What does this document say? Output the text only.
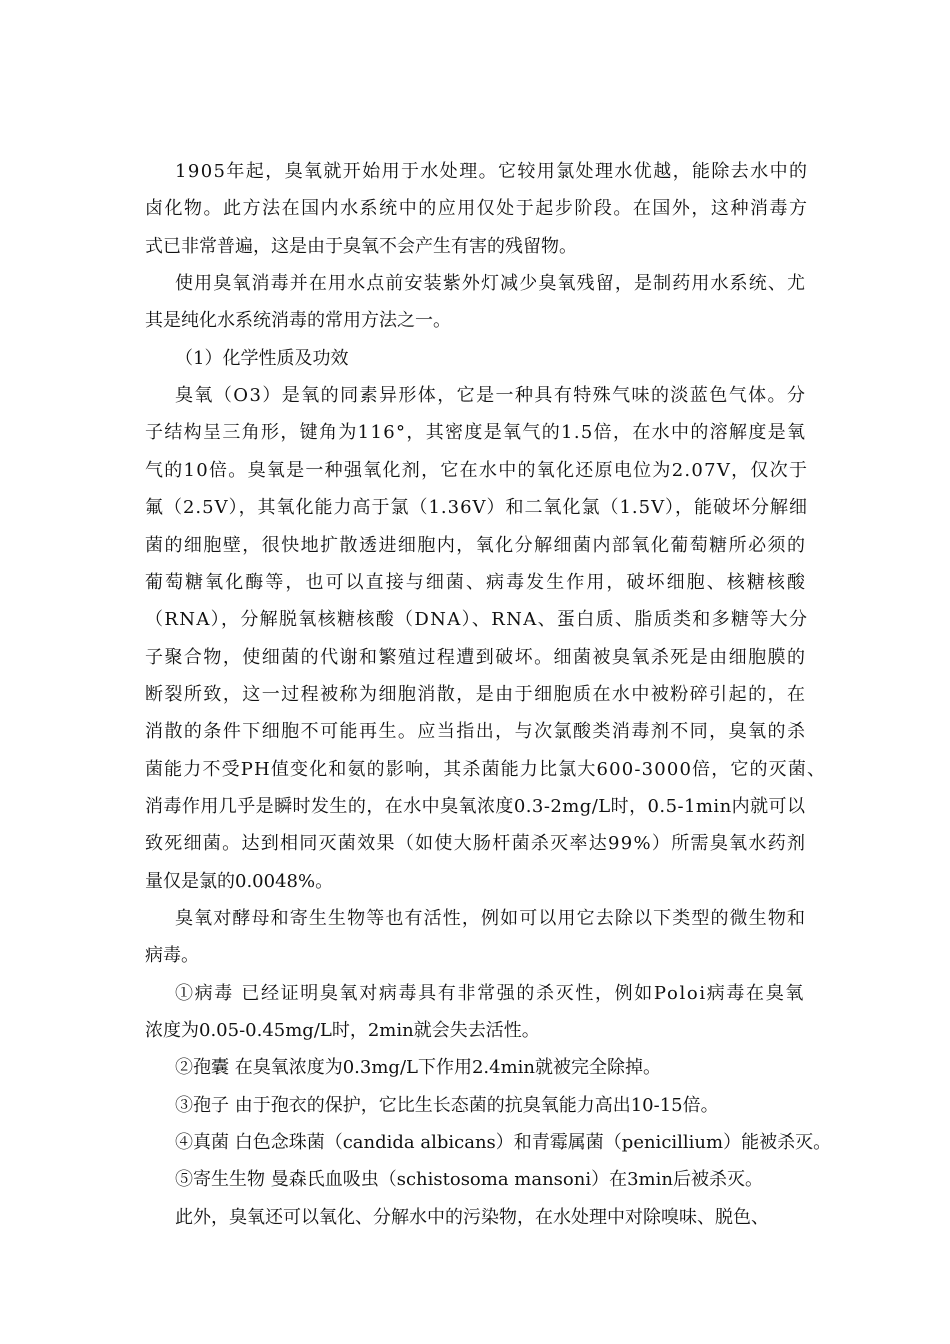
1905年起，臭氧就开始用于水处理。它较用氯处理水优越，能除去水中的

卤化物。此方法在国内水系统中的应用仅处于起步阶段。在国外，这种消毒方

式已非常普遍，这是由于臭氧不会产生有害的残留物。

使用臭氧消毒并在用水点前安装紫外灯减少臭氧残留，是制药用水系统、尤

其是纯化水系统消毒的常用方法之一。

（1）化学性质及功效

臭氧（O3）是氧的同素异形体，它是一种具有特殊气味的淡蓝色气体。分

子结构呈三角形，键角为116°，其密度是氧气的1.5倍，在水中的溶解度是氧

气的10倍。臭氧是一种强氧化剂，它在水中的氧化还原电位为2.07V，仅次于

氟（2.5V），其氧化能力高于氯（1.36V）和二氧化氯（1.5V），能破坏分解细

菌的细胞壁，很快地扩散透进细胞内，氧化分解细菌内部氧化葡萄糖所必须的

葡萄糖氧化酶等，也可以直接与细菌、病毒发生作用，破坏细胞、核糖核酸

（RNA），分解脱氧核糖核酸（DNA）、RNA、蛋白质、脂质类和多糖等大分

子聚合物，使细菌的代谢和繁殖过程遭到破坏。细菌被臭氧杀死是由细胞膜的

断裂所致，这一过程被称为细胞消散，是由于细胞质在水中被粉碎引起的，在

消散的条件下细胞不可能再生。应当指出，与次氯酸类消毒剂不同，臭氧的杀

菌能力不受PH值变化和氨的影响，其杀菌能力比氯大600-3000倍，它的灭菌、

消毒作用几乎是瞬时发生的，在水中臭氧浓度0.3-2mg/L时，0.5-1min内就可以

致死细菌。达到相同灭菌效果（如使大肠杆菌杀灭率达99%）所需臭氧水药剂

量仅是氯的0.0048%。

臭氧对酵母和寄生生物等也有活性，例如可以用它去除以下类型的微生物和

病毒。

①病毒 已经证明臭氧对病毒具有非常强的杀灭性，例如Poloi病毒在臭氧

浓度为0.05-0.45mg/L时，2min就会失去活性。

②孢囊 在臭氧浓度为0.3mg/L下作用2.4min就被完全除掉。

③孢子 由于孢衣的保护，它比生长态菌的抗臭氧能力高出10-15倍。

④真菌 白色念珠菌（candida albicans）和青霉属菌（penicillium）能被杀灭。

⑤寄生生物 曼森氏血吸虫（schistosoma mansoni）在3min后被杀灭。

此外，臭氧还可以氧化、分解水中的污染物，在水处理中对除嗅味、脱色、
